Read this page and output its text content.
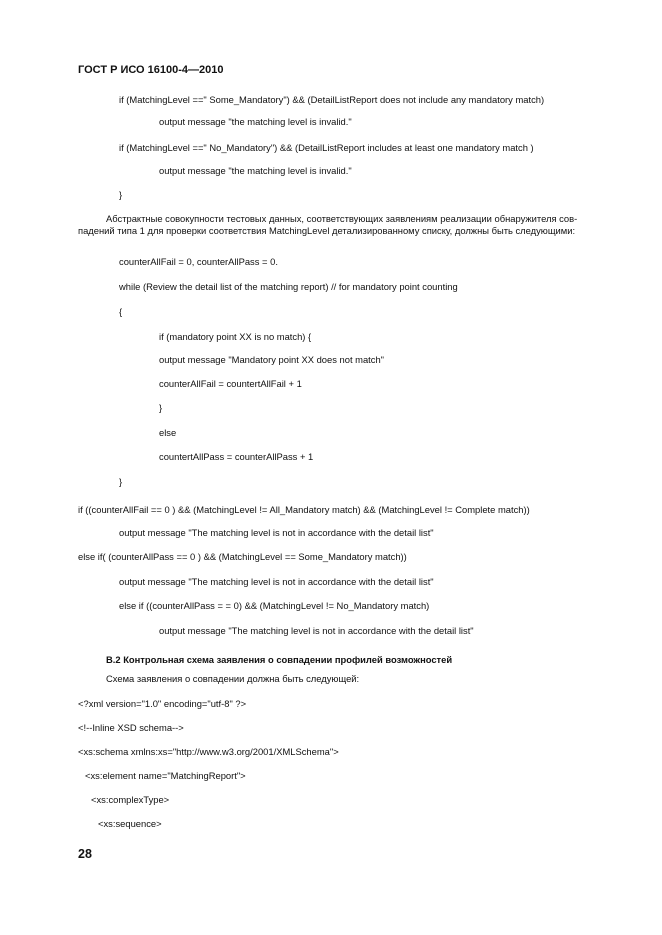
ГОСТ Р ИСО 16100-4—2010
if (MatchingLevel ==" Some_Mandatory") && (DetailListReport does not include any mandatory match)
output message "the matching level is invalid."
if (MatchingLevel ==" No_Mandatory") && (DetailListReport includes at least one mandatory match )
output message "the matching level is invalid."
}
Абстрактные совокупности тестовых данных, соответствующих заявлениям реализации обнаружителя сов-
падений типа 1 для проверки соответствия MatchingLevel детализированному списку, должны быть следующими:
counterAllFail = 0, counterAllPass = 0.
while (Review the detail list of the matching report) // for mandatory point counting
{
if (mandatory point XX is no match) {
output message "Mandatory point XX does not match"
counterAllFail = countertAllFail + 1
}
else
countertAllPass = counterAllPass + 1
}
if ((counterAllFail == 0 ) && (MatchingLevel != All_Mandatory match) && (MatchingLevel != Complete match))
output message "The matching level is not in accordance with the detail list"
else if( (counterAllPass == 0 ) && (MatchingLevel == Some_Mandatory match))
output message "The matching level is not in accordance with the detail list"
else if ((counterAllPass = = 0) && (MatchingLevel != No_Mandatory match)
output message "The matching level is not in accordance with the detail list"
В.2 Контрольная схема заявления о совпадении профилей возможностей
Схема заявления о совпадении должна быть следующей:
<?xml version="1.0" encoding="utf-8" ?>
<!--Inline XSD schema-->
<xs:schema xmlns:xs="http://www.w3.org/2001/XMLSchema">
<xs:element name="MatchingReport">
<xs:complexType>
<xs:sequence>
28
